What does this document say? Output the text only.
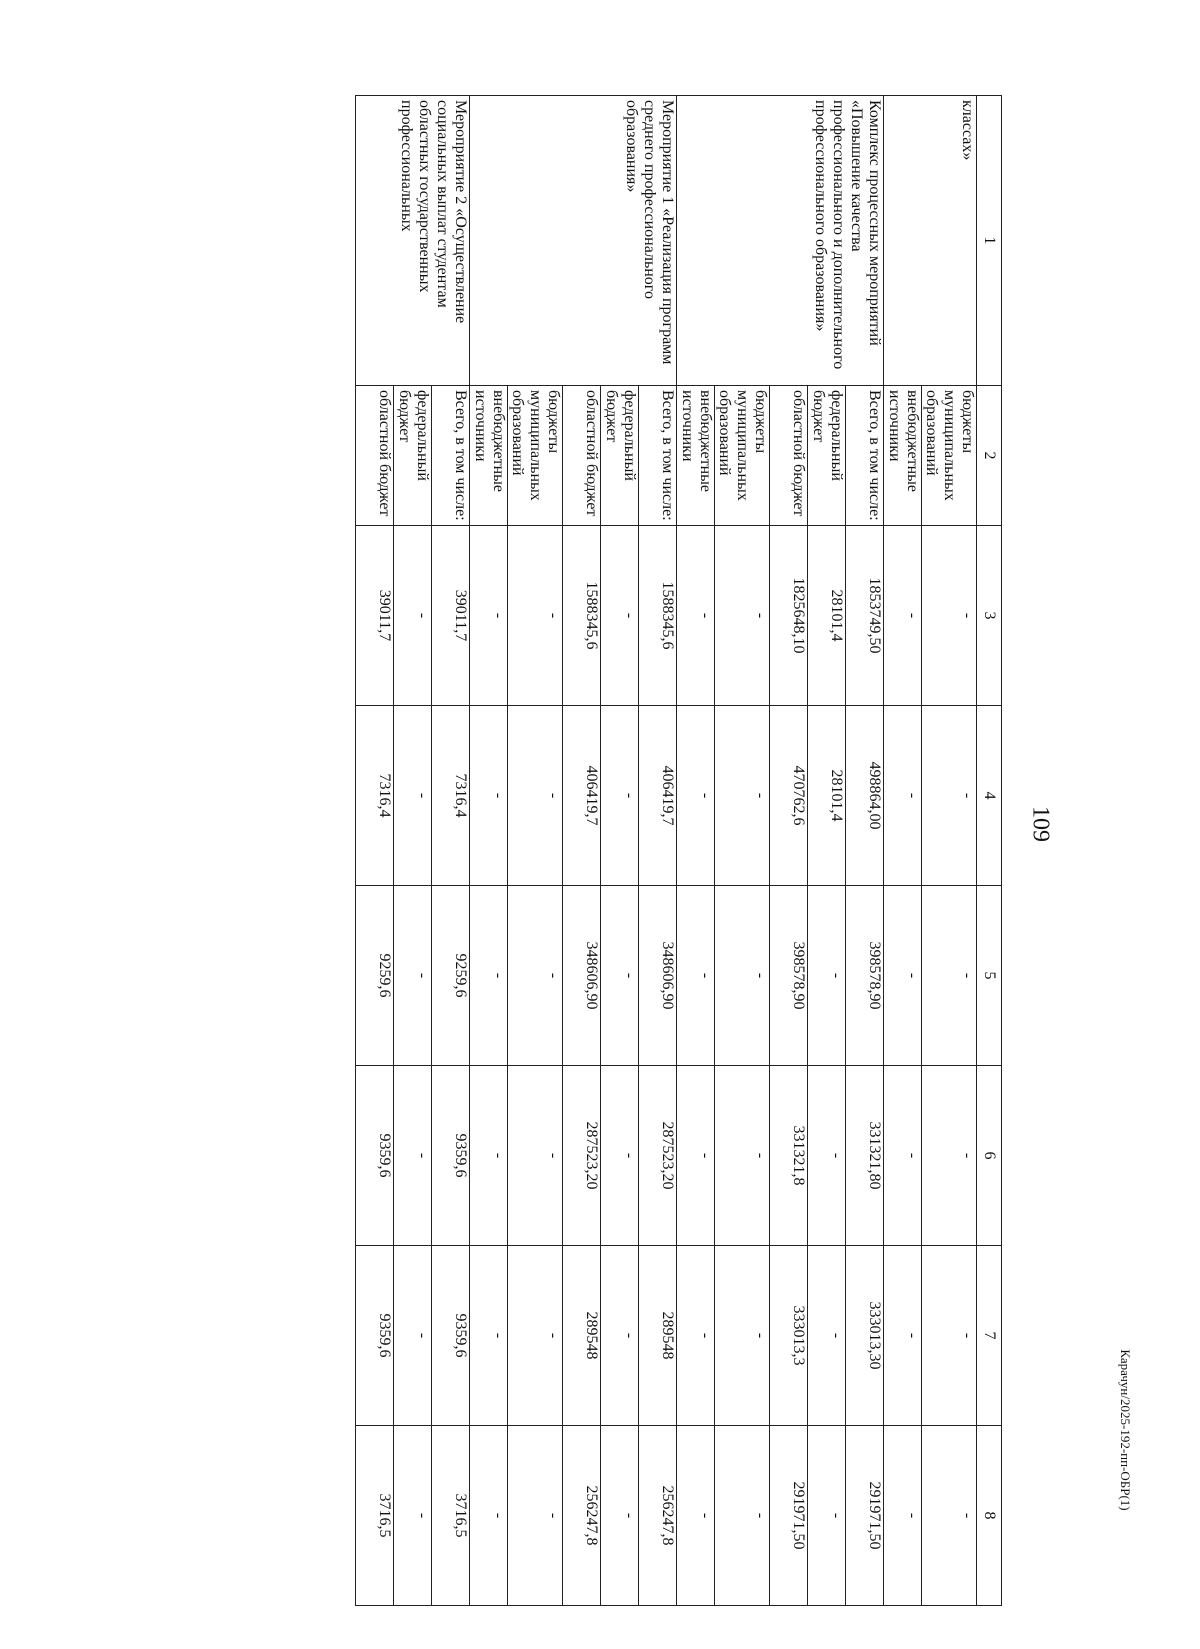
109
Карачун/2025-192-пп-ОБР(1)
1	2	3	4	5	6	7	8
классах»	бюджеты муниципальных образований	-	-	-	-	-	-
	внебюджетные источники	-	-	-	-	-	-
Комплекс процессных мероприятий «Повышение качества профессионального и дополнительного профессионального образования»	Всего, в том числе:	1853749,50	498864,00	398578,90	331321,80	333013,30	291971,50
	федеральный бюджет	28101,4	28101,4	-	-	-	-
	областной бюджет	1825648,10	470762,6	398578,90	331321,8	333013,3	291971,50
	бюджеты муниципальных образований	-	-	-	-	-	-
	внебюджетные источники	-	-	-	-	-	-
Мероприятие 1 «Реализация программ среднего профессионального образования»	Всего, в том числе:	1588345,6	406419,7	348606,90	287523,20	289548	256247,8
	федеральный бюджет	-	-	-	-	-	-
	областной бюджет	1588345,6	406419,7	348606,90	287523,20	289548	256247,8
	бюджеты муниципальных образований	-	-	-	-	-	-
	внебюджетные источники	-	-	-	-	-	-
Мероприятие 2 «Осуществление социальных выплат студентам областных государственных профессиональных	Всего, в том числе:	39011,7	7316,4	9259,6	9359,6	9359,6	3716,5
	федеральный бюджет	-	-	-	-	-	-
	областной бюджет	39011,7	7316,4	9259,6	9359,6	9359,6	3716,5
